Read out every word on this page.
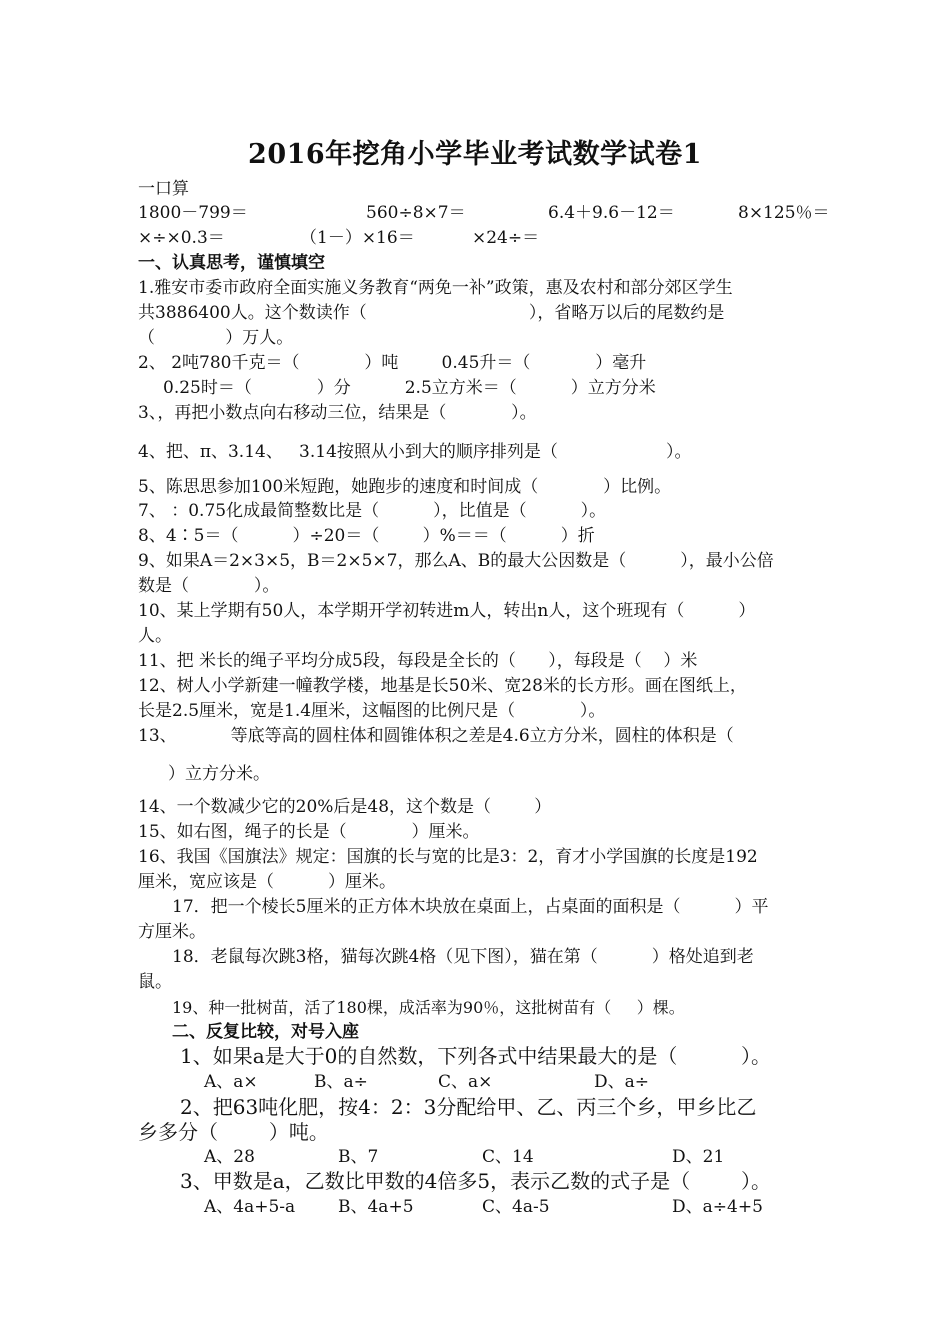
2016年挖角小学毕业考试数学试卷1
一口算
1800－799＝	560÷8×7＝	6.4＋9.6－12＝	8×125％＝
×÷×0.3＝	（1－）×16＝	×24÷＝
一、认真思考，谨慎填空
1.雅安市委市政府全面实施义务教育“两免一补”政策，惠及农村和部分郊区学生
共3886400人。这个数读作（                              ），省略万以后的尾数约是
（             ）万人。
2、 2吨780千克＝（            ）吨        0.45升＝（            ）毫升
0.25时＝（            ）分          2.5立方米＝（          ）立方分米
3、，再把小数点向右移动三位，结果是（            ）。
4、把、π、3.14、   3.14按照从小到大的顺序排列是（                    ）。
5、陈思思参加100米短跑，她跑步的速度和时间成（            ）比例。
7、 ：0.75化成最简整数比是（          ），比值是（          ）。
8、4∶5＝（          ）÷20＝（        ）%＝＝（          ）折
9、如果A＝2×3×5，B＝2×5×7，那么A、B的最大公因数是（          ），最小公倍
数是（            ）。
10、某上学期有50人，本学期开学初转进m人，转出n人，这个班现有（          ）
人。
11、把 米长的绳子平均分成5段，每段是全长的（      ），每段是（    ）米
12、树人小学新建一幢教学楼，地基是长50米、宽28米的长方形。画在图纸上，
长是2.5厘米，宽是1.4厘米，这幅图的比例尺是（            ）。
13、          等底等高的圆柱体和圆锥体积之差是4.6立方分米，圆柱的体积是（
）立方分米。
14、一个数减少它的20%后是48，这个数是（        ）
15、如右图，绳子的长是（            ）厘米。
16、我国《国旗法》规定：国旗的长与宽的比是3：2，育才小学国旗的长度是192
厘米，宽应该是（          ）厘米。
17．把一个棱长5厘米的正方体木块放在桌面上，占桌面的面积是（          ）平
方厘米。
18．老鼠每次跳3格，猫每次跳4格（见下图），猫在第（          ）格处追到老
鼠。
19、种一批树苗，活了180棵，成活率为90％，这批树苗有（     ）棵。
二、反复比较，对号入座
1、如果a是大于0的自然数，下列各式中结果最大的是（          ）。
A、a×	B、a÷	C、a×	D、a÷
2、把63吨化肥，按4：2：3分配给甲、乙、丙三个乡，甲乡比乙
乡多分（        ）吨。
A、28	B、7	C、14	D、21
3、甲数是a，乙数比甲数的4倍多5，表示乙数的式子是（        ）。
A、4a+5-a	B、4a+5	C、4a-5	D、a÷4+5
